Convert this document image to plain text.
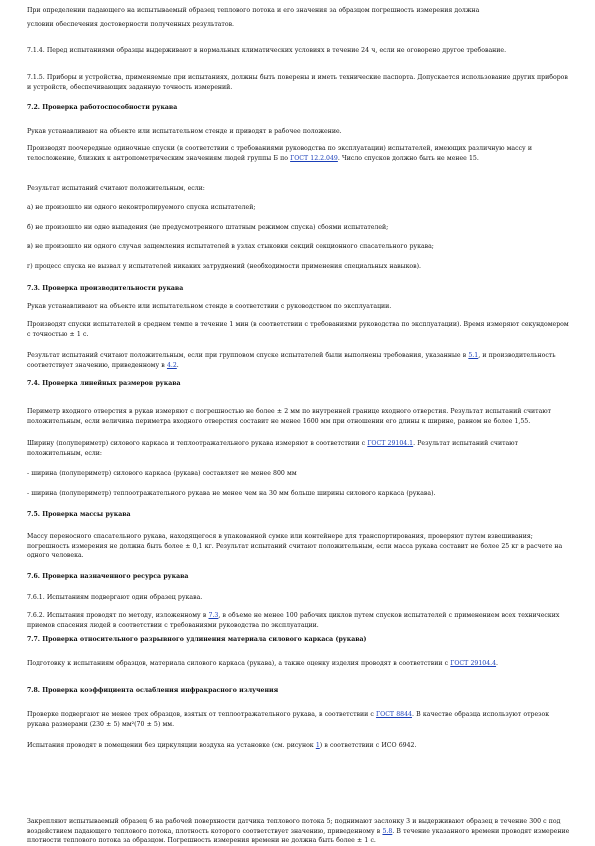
условии обеспечения достоверности полученных результатов.

7.1.4. Перед испытаниями образцы выдерживают в нормальных климатических условиях в течение 24 ч, если не оговорено другое требование.

7.1.5. Приборы и устройства, применяемые при испытаниях, должны быть поверены и иметь технические паспорта. Допускается использование других приборов и устройств, обеспечивающих заданную точность измерений.

7.2. Проверка работоспособности рукава

Рукав устанавливают на объекте или испытательном стенде и приводят в рабочее положение.

Производят поочередные одиночные спуски (в соответствии с требованиями руководства по эксплуатации) испытателей, имеющих различную массу и телосложение, близких к антропометрическим значениям людей группы Б по ГОСТ 12.2.049. Число спусков должно быть не менее 15.

Результат испытаний считают положительным, если:

а) не произошло ни одного неконтролируемого спуска испытателей;

б) не произошло ни одно выпадения (не предусмотренного штатным режимом спуска) сбоями испытателей;

в) не произошло ни одного случая защемления испытателей в узлах стыковки секций секционного спасательного рукава;

г) процесс спуска не вызвал у испытателей никаких затруднений (необходимости применения специальных навыков).

7.3. Проверка производительности рукава

Рукав устанавливают на объекте или испытательном стенде в соответствии с руководством по эксплуатации.

Производят спуски испытателей в среднем темпе в течение 1 мин (в соответствии с требованиями руководства по эксплуатации). Время измеряют секундомером с точностью ± 1 с.

Результат испытаний считают положительным, если при групповом спуске испытателей были выполнены требования, указанные в 5.1, и производительность соответствует значению, приведенному в 4.2.

7.4. Проверка линейных размеров рукава

Периметр входного отверстия в рукав измеряют с погрешностью не более ± 2 мм по внутренней границе входного отверстия. Результат испытаний считают положительным, если величина периметра входного отверстия составит не менее 1600 мм при отношении его длины к ширине, равном не более 1,55.

Ширину (полупериметр) силового каркаса и теплоотражательного рукава измеряют в соответствии с ГОСТ 29104.1. Результат испытаний считают положительным, если:

- ширина (полупериметр) силового каркаса (рукава) составляет не менее 800 мм

- ширина (полупериметр) теплоотражательного рукава не менее чем на 30 мм больше ширины силового каркаса (рукава).

7.5. Проверка массы рукава

Массу переносного спасательного рукава, находящегося в упакованной сумке или контейнере для транспортирования, проверяют путем взвешивания; погрешность измерения не должна быть более ± 0,1 кг. Результат испытаний считают положительным, если масса рукава составит не более 25 кг в расчете на одного человека.

7.6. Проверка назначенного ресурса рукава

7.6.1. Испытаниям подвергают один образец рукава.

7.6.2. Испытания проводят по методу, изложенному в 7.3, в объеме не менее 100 рабочих циклов путем спусков испытателей с применением всех технических приемов спасения людей в соответствии с требованиями руководства по эксплуатации.

7.7. Проверка относительного разрывного удлинения материала силового каркаса (рукава)

Подготовку к испытаниям образцов, материала силового каркаса (рукава), а также оценку изделия проводят в соответствии с ГОСТ 29104.4.

7.8. Проверка коэффициента ослабления инфракрасного излучения

Проверке подвергают не менее трех образцов, взятых от теплоотражательного рукава, в соответствии с ГОСТ 8844. В качестве образца используют отрезок рукава размерами (230 ± 5) мм²(70 ± 5) мм.

Испытания проводят в помещении без циркуляции воздуха на установке (см. рисунок 1) в соответствии с ИСО 6942.

Закрепляют испытываемый образец 6 на рабочей поверхности датчика теплового потока 5; поднимают заслонку 3 и выдерживают образец в течение 300 с под воздействием падающего теплового потока, плотность которого соответствует значению, приведенному в 5.8. В течение указанного времени проводят измерение плотности теплового потока за образцом. Погрешность измерения времени не должна быть более ± 1 с.

При определении падающего на испытываемый образец теплового потока и его значения за образцом погрешность измерения должна
